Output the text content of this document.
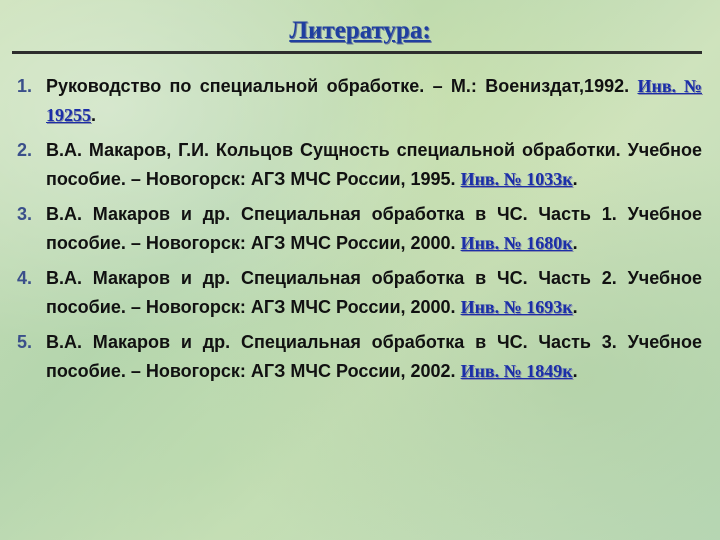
Литература:
1. Руководство по специальной обработке. – М.: Воениздат,1992. Инв. № 19255.
2. В.А. Макаров, Г.И. Кольцов Сущность специальной обработки. Учебное пособие. – Новогорск: АГЗ МЧС России, 1995. Инв. № 1033к.
3. В.А. Макаров и др. Специальная обработка в ЧС. Часть 1. Учебное пособие. – Новогорск: АГЗ МЧС России, 2000. Инв. № 1680к.
4. В.А. Макаров и др. Специальная обработка в ЧС. Часть 2. Учебное пособие. – Новогорск: АГЗ МЧС России, 2000. Инв. № 1693к.
5. В.А. Макаров и др. Специальная обработка в ЧС. Часть 3. Учебное пособие. – Новогорск: АГЗ МЧС России, 2002. Инв. № 1849к.
